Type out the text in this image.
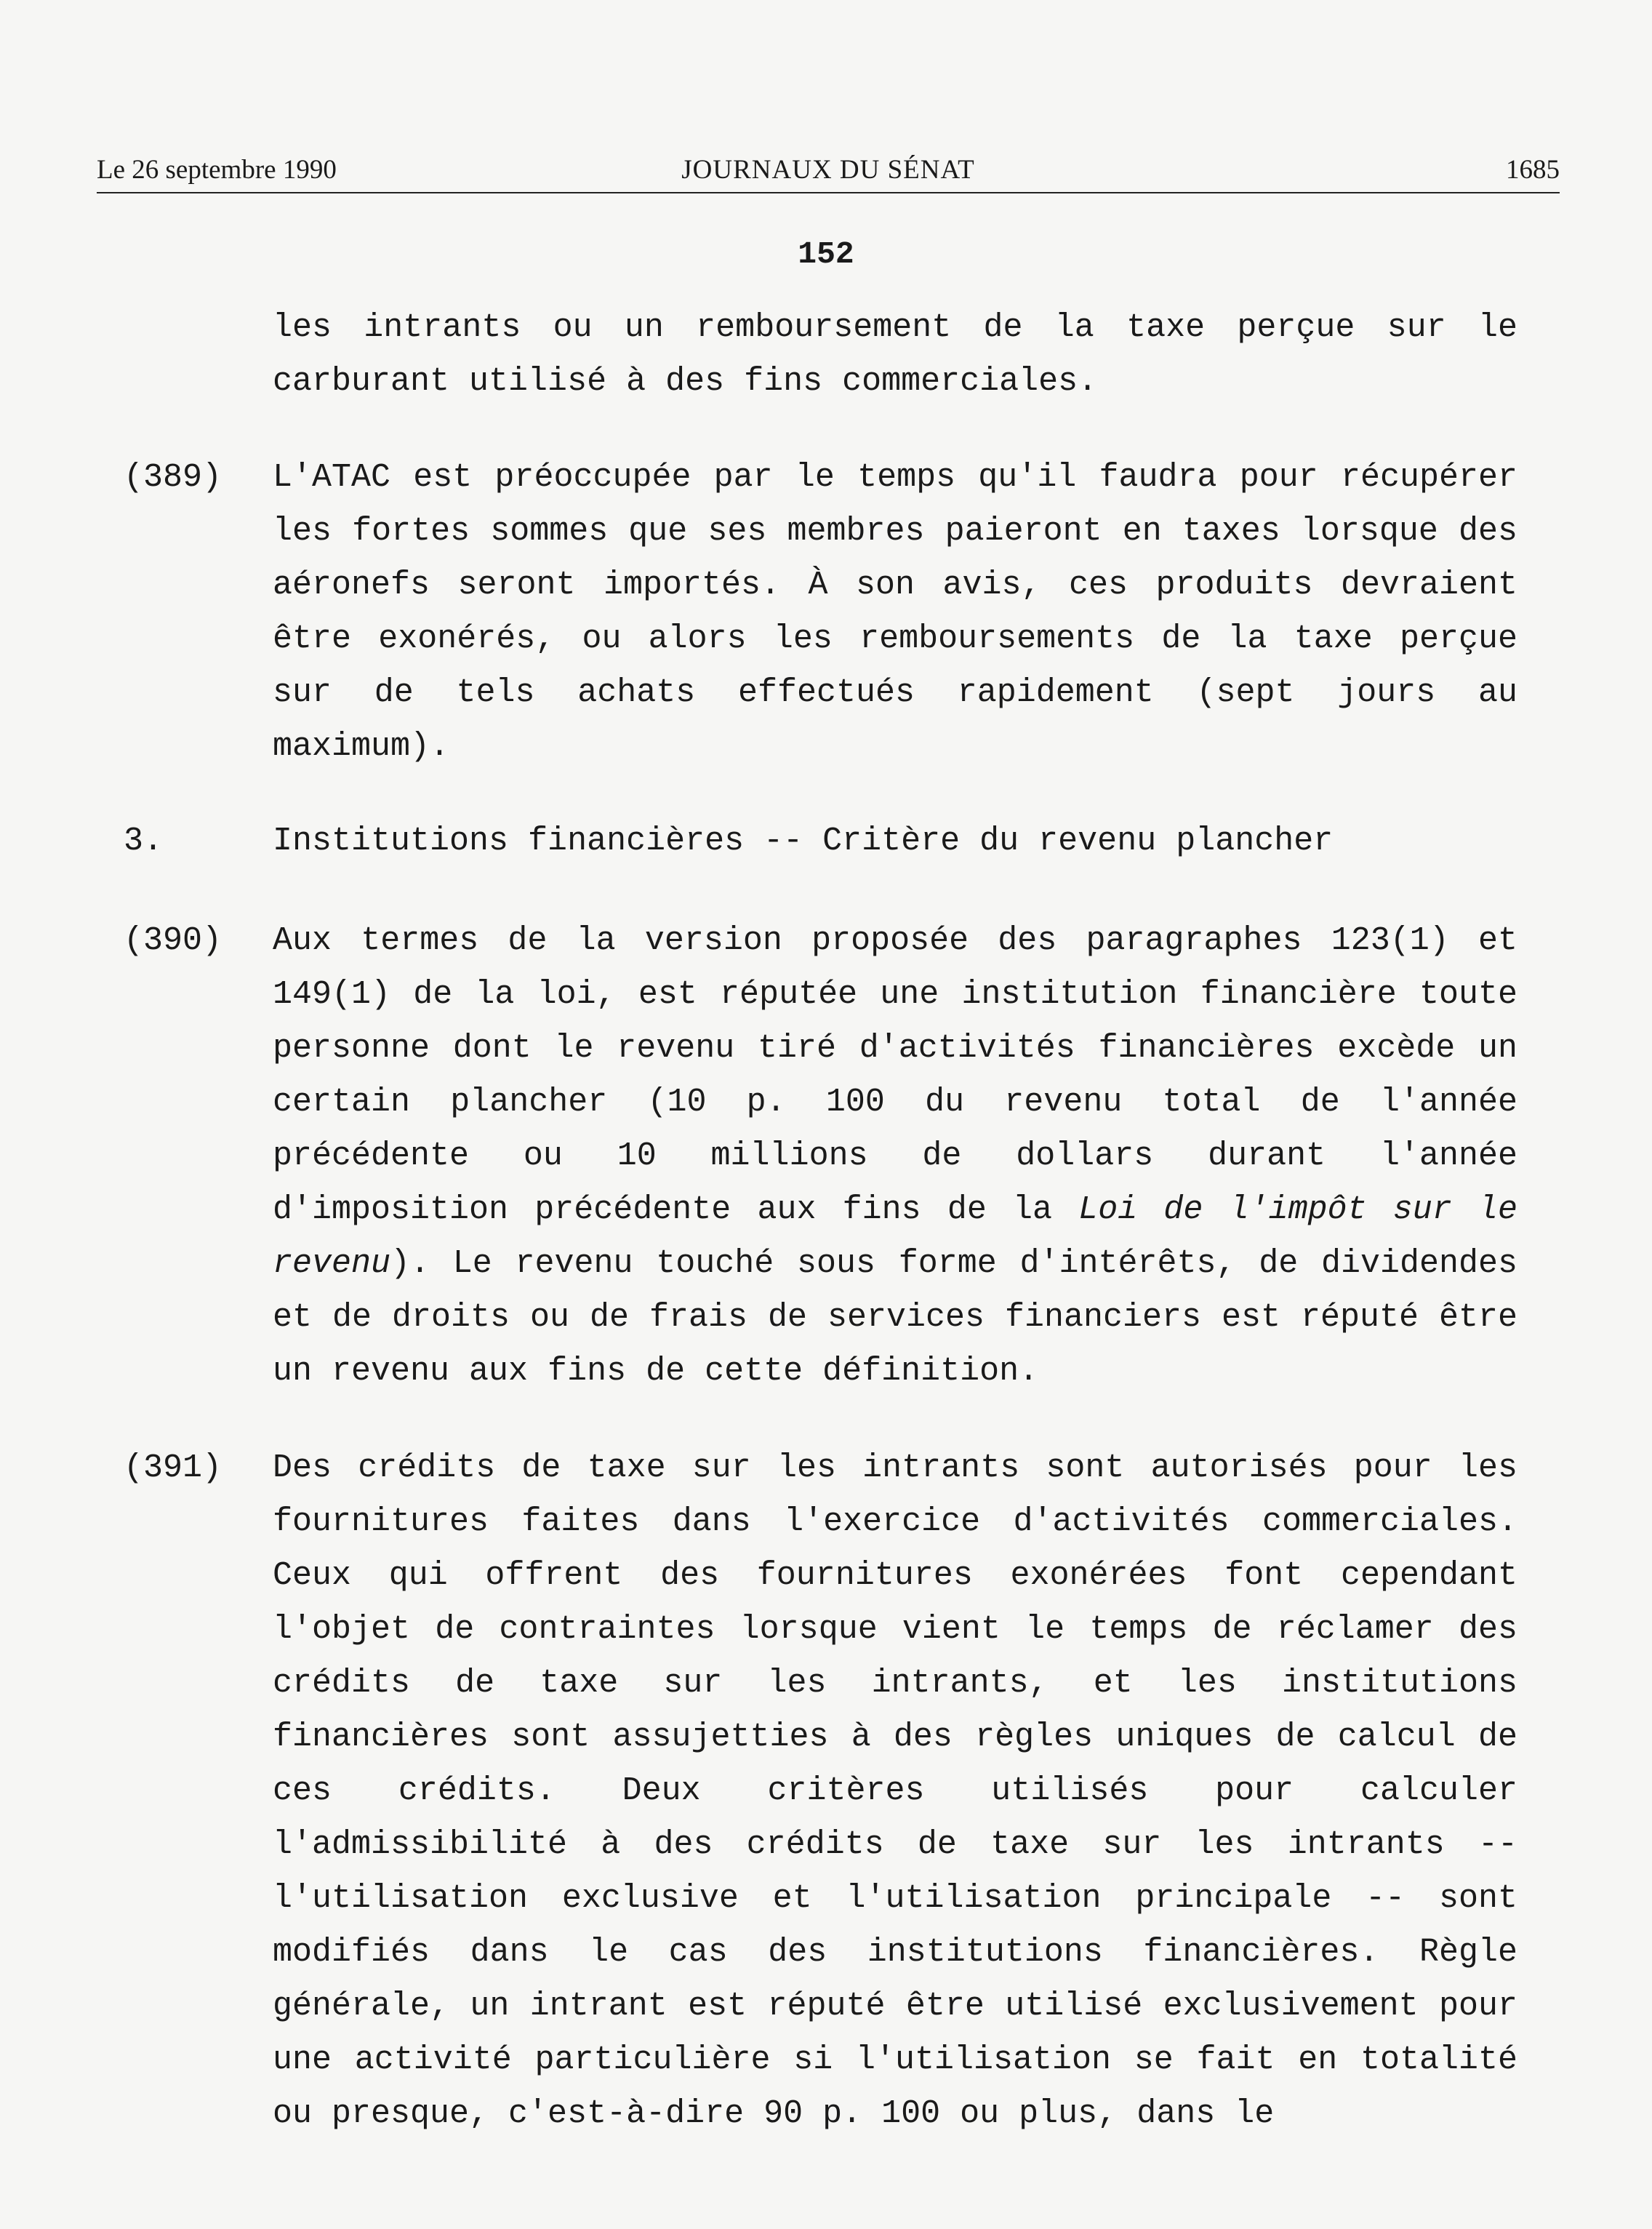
Le 26 septembre 1990	JOURNAUX DU SÉNAT	1685
152
les intrants ou un remboursement de la taxe perçue sur le carburant utilisé à des fins commerciales.
(389) L'ATAC est préoccupée par le temps qu'il faudra pour récupérer les fortes sommes que ses membres paieront en taxes lorsque des aéronefs seront importés. À son avis, ces produits devraient être exonérés, ou alors les remboursements de la taxe perçue sur de tels achats effectués rapidement (sept jours au maximum).
3.	Institutions financières -- Critère du revenu plancher
(390) Aux termes de la version proposée des paragraphes 123(1) et 149(1) de la loi, est réputée une institution financière toute personne dont le revenu tiré d'activités financières excède un certain plancher (10 p. 100 du revenu total de l'année précédente ou 10 millions de dollars durant l'année d'imposition précédente aux fins de la Loi de l'impôt sur le revenu). Le revenu touché sous forme d'intérêts, de dividendes et de droits ou de frais de services financiers est réputé être un revenu aux fins de cette définition.
(391) Des crédits de taxe sur les intrants sont autorisés pour les fournitures faites dans l'exercice d'activités commerciales. Ceux qui offrent des fournitures exonérées font cependant l'objet de contraintes lorsque vient le temps de réclamer des crédits de taxe sur les intrants, et les institutions financières sont assujetties à des règles uniques de calcul de ces crédits. Deux critères utilisés pour calculer l'admissibilité à des crédits de taxe sur les intrants -- l'utilisation exclusive et l'utilisation principale -- sont modifiés dans le cas des institutions financières. Règle générale, un intrant est réputé être utilisé exclusivement pour une activité particulière si l'utilisation se fait en totalité ou presque, c'est-à-dire 90 p. 100 ou plus, dans le
